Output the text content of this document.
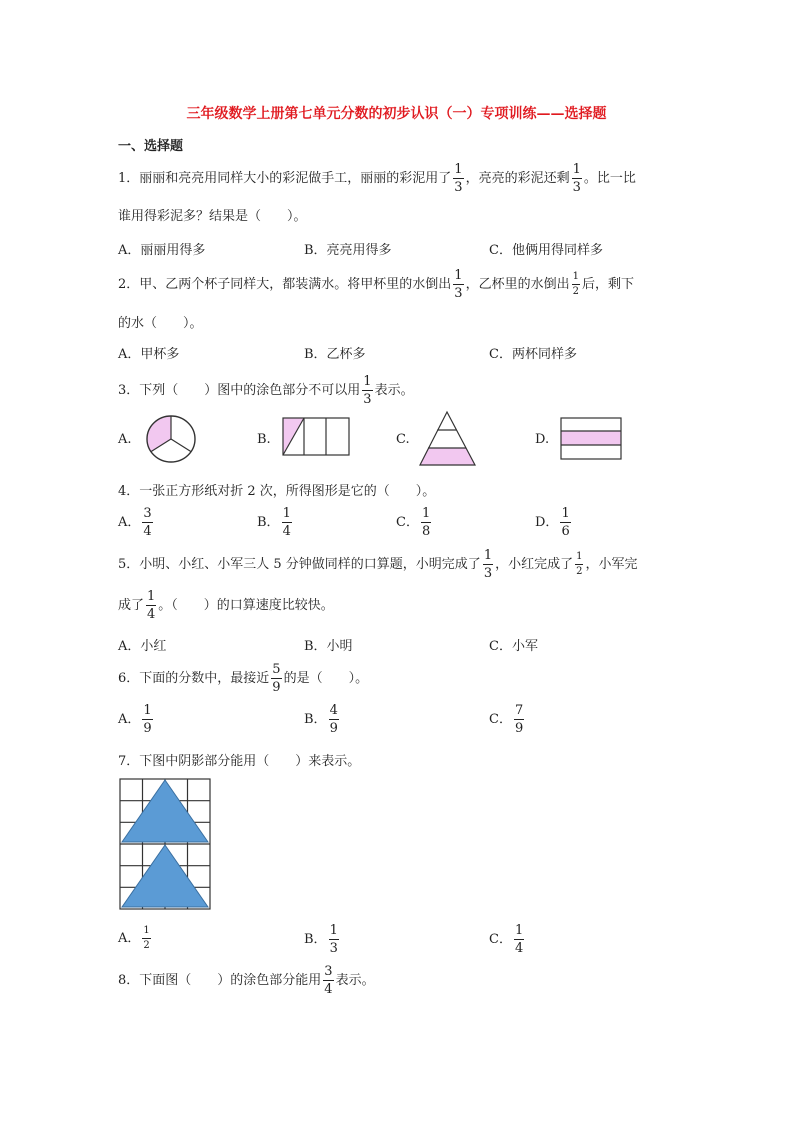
三年级数学上册第七单元分数的初步认识（一）专项训练——选择题
一、选择题
1．丽丽和亮亮用同样大小的彩泥做手工，丽丽的彩泥用了 $\frac{1}{3}$ ，亮亮的彩泥还剩 $\frac{1}{3}$ 。比一比
谁用得彩泥多？结果是（　　）。
A．丽丽用得多	B．亮亮用得多	C．他俩用得同样多
2．甲、乙两个杯子同样大，都装满水。将甲杯里的水倒出 $\frac{1}{3}$ ，乙杯里的水倒出 $\frac{1}{2}$ 后，剩下
的水（　　）。
A．甲杯多	B．乙杯多	C．两杯同样多
3．下列（　　）图中的涂色部分不可以用 $\frac{1}{3}$ 表示。
A.	B.	C.	D.
4．一张正方形纸对折 2 次，所得图形是它的（　　）。
A． $\frac{3}{4}$	B． $\frac{1}{4}$	C． $\frac{1}{8}$	D． $\frac{1}{6}$
5．小明、小红、小军三人 5 分钟做同样的口算题，小明完成了 $\frac{1}{3}$ ，小红完成了 $\frac{1}{2}$ ，小军完
成了 $\frac{1}{4}$ 。（　　）的口算速度比较快。
A．小红	B．小明	C．小军
6．下面的分数中，最接近 $\frac{5}{9}$ 的是（　　）。
A． $\frac{1}{9}$	B． $\frac{4}{9}$	C． $\frac{7}{9}$
7．下图中阴影部分能用（　　）来表示。
A． $\frac{1}{2}$	B． $\frac{1}{3}$	C． $\frac{1}{4}$
8．下面图（　　）的涂色部分能用 $\frac{3}{4}$ 表示。
